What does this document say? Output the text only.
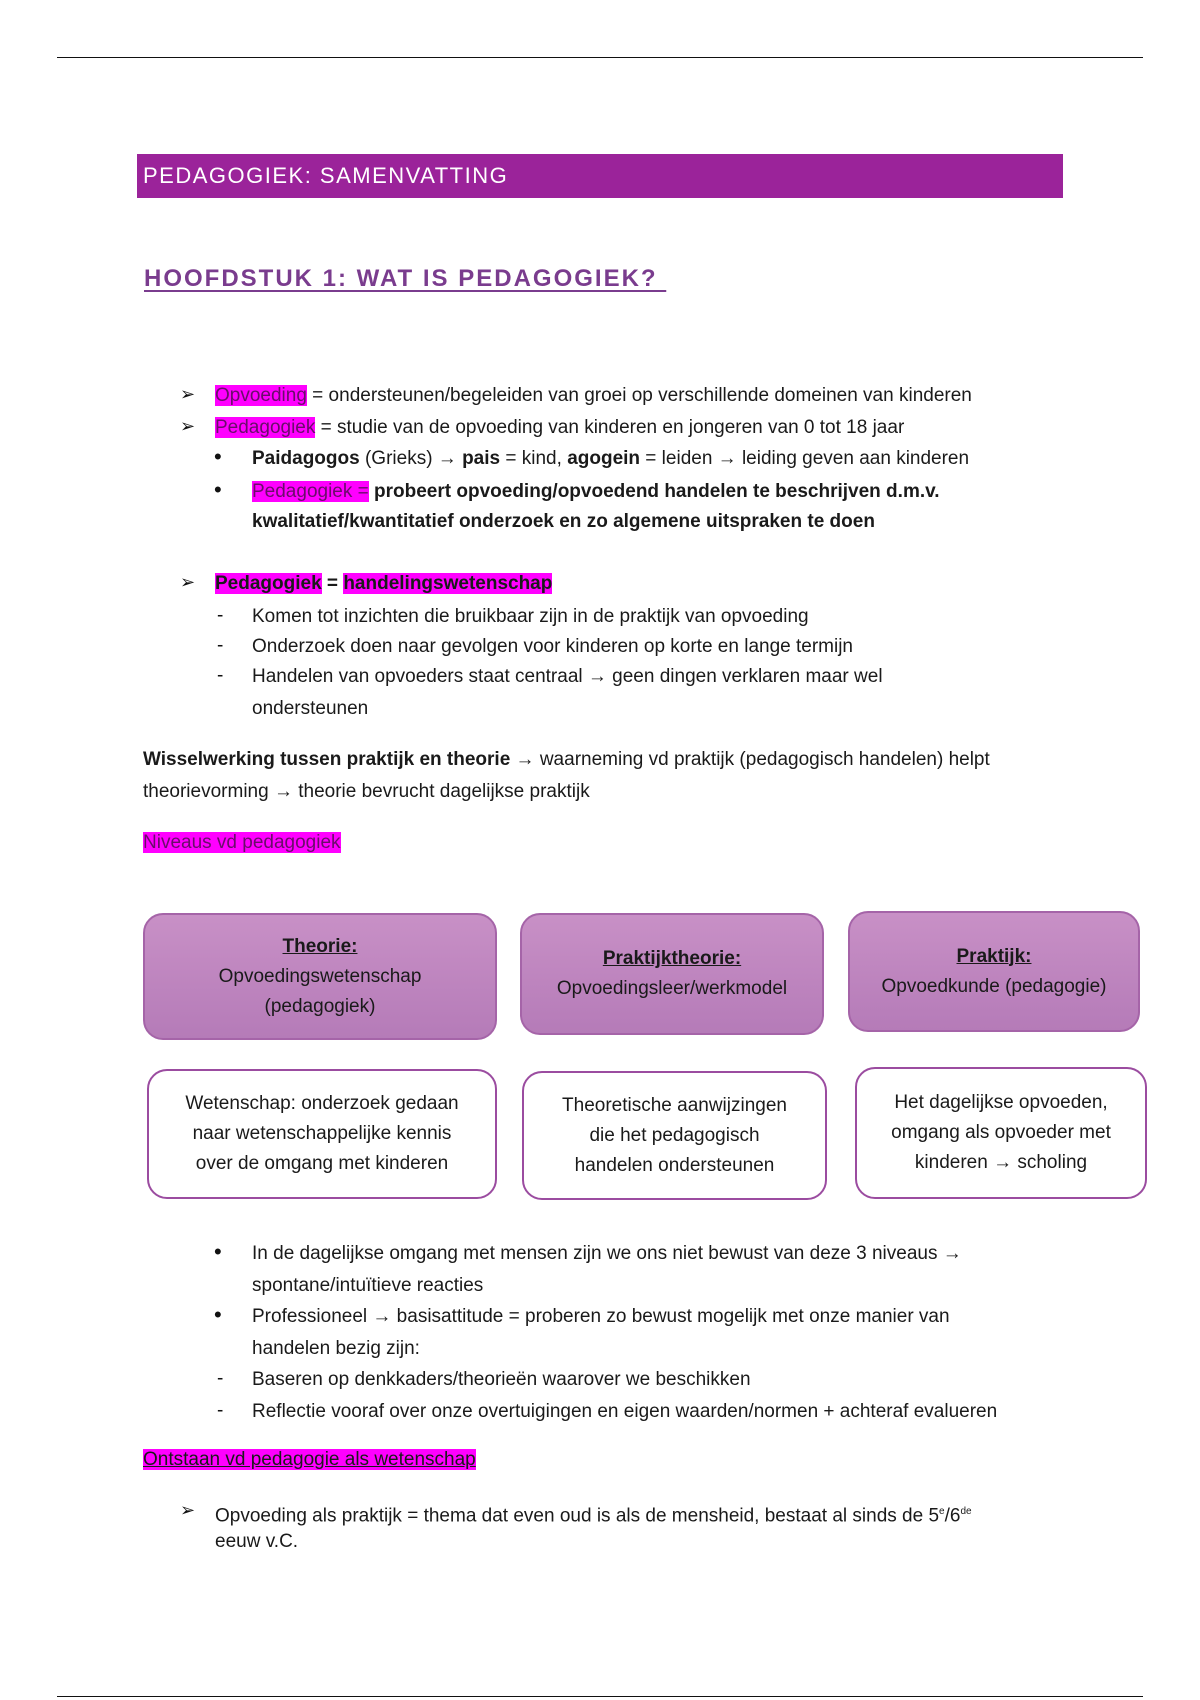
PEDAGOGIEK: SAMENVATTING
HOOFDSTUK 1: WAT IS PEDAGOGIEK?
➢ Opvoeding = ondersteunen/begeleiden van groei op verschillende domeinen van kinderen
➢ Pedagogiek = studie van de opvoeding van kinderen en jongeren van 0 tot 18 jaar
• Paidagogos (Grieks) → pais = kind, agogein = leiden → leiding geven aan kinderen
• Pedagogiek = probeert opvoeding/opvoedend handelen te beschrijven d.m.v.
kwalitatief/kwantitatief onderzoek en zo algemene uitspraken te doen
➢ Pedagogiek = handelingswetenschap
- Komen tot inzichten die bruikbaar zijn in de praktijk van opvoeding
- Onderzoek doen naar gevolgen voor kinderen op korte en lange termijn
- Handelen van opvoeders staat centraal → geen dingen verklaren maar wel
ondersteunen
Wisselwerking tussen praktijk en theorie → waarneming vd praktijk (pedagogisch handelen) helpt
theorievorming → theorie bevrucht dagelijkse praktijk
Niveaus vd pedagogiek
Theorie:
Opvoedingswetenschap
(pedagogiek)
Praktijktheorie:
Opvoedingsleer/werkmodel
Praktijk:
Opvoedkunde (pedagogie)
Wetenschap: onderzoek gedaan
naar wetenschappelijke kennis
over de omgang met kinderen
Theoretische aanwijzingen
die het pedagogisch
handelen ondersteunen
Het dagelijkse opvoeden,
omgang als opvoeder met
kinderen → scholing
• In de dagelijkse omgang met mensen zijn we ons niet bewust van deze 3 niveaus →
spontane/intuïtieve reacties
• Professioneel → basisattitude = proberen zo bewust mogelijk met onze manier van
handelen bezig zijn:
- Baseren op denkkaders/theorieën waarover we beschikken
- Reflectie vooraf over onze overtuigingen en eigen waarden/normen + achteraf evalueren
Ontstaan vd pedagogie als wetenschap
➢ Opvoeding als praktijk = thema dat even oud is als de mensheid, bestaat al sinds de 5e/6de
eeuw v.C.
